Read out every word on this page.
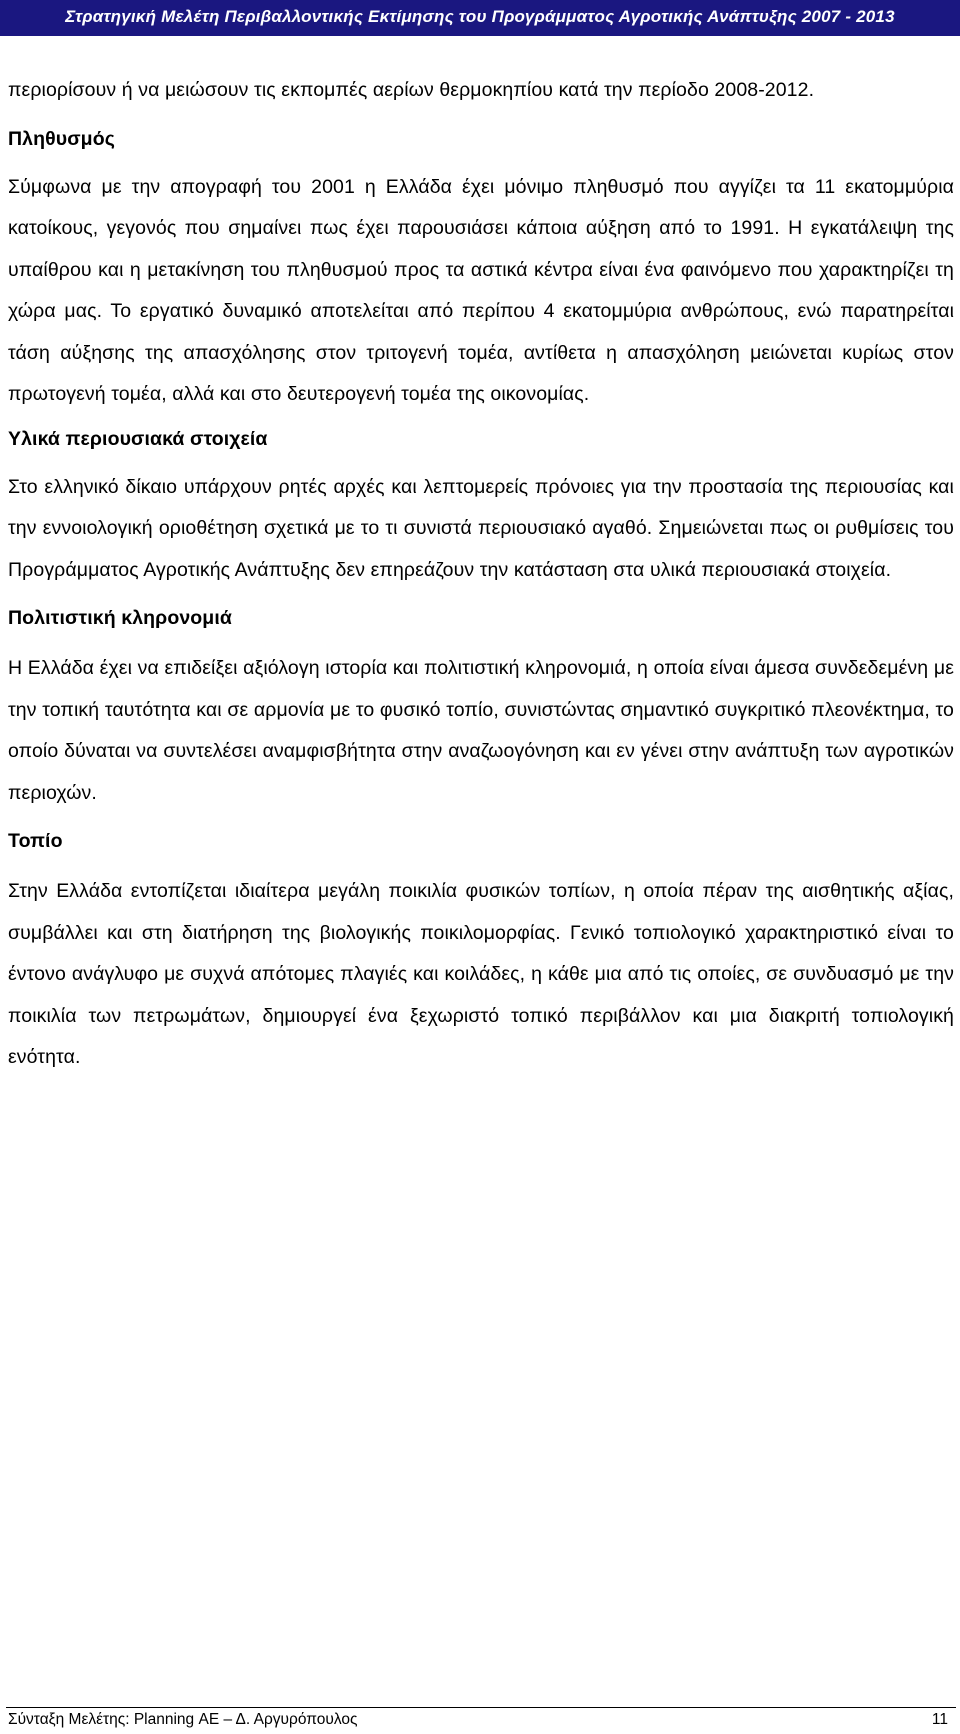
Στρατηγική Μελέτη Περιβαλλοντικής Εκτίμησης του Προγράμματος Αγροτικής Ανάπτυξης 2007 - 2013

περιορίσουν ή να μειώσουν τις εκπομπές αερίων θερμοκηπίου κατά την περίοδο 2008-2012.

Πληθυσμός

Σύμφωνα με την απογραφή του 2001 η Ελλάδα έχει μόνιμο πληθυσμό που αγγίζει τα 11 εκατομμύρια κατοίκους, γεγονός που σημαίνει πως έχει παρουσιάσει κάποια αύξηση από το 1991. Η εγκατάλειψη της υπαίθρου και η μετακίνηση του πληθυσμού προς τα αστικά κέντρα είναι ένα φαινόμενο που χαρακτηρίζει τη χώρα μας. Το εργατικό δυναμικό αποτελείται από περίπου 4 εκατομμύρια ανθρώπους, ενώ παρατηρείται τάση αύξησης της απασχόλησης στον τριτογενή τομέα, αντίθετα η απασχόληση μειώνεται κυρίως στον πρωτογενή τομέα, αλλά και στο δευτερογενή τομέα της οικονομίας.

Υλικά περιουσιακά στοιχεία

Στο ελληνικό δίκαιο υπάρχουν ρητές αρχές και λεπτομερείς πρόνοιες για την προστασία της περιουσίας και την εννοιολογική οριοθέτηση σχετικά με το τι συνιστά περιουσιακό αγαθό. Σημειώνεται πως οι ρυθμίσεις του Προγράμματος Αγροτικής Ανάπτυξης δεν επηρεάζουν την κατάσταση στα υλικά περιουσιακά στοιχεία.

Πολιτιστική κληρονομιά

Η Ελλάδα έχει να επιδείξει αξιόλογη ιστορία και πολιτιστική κληρονομιά, η οποία είναι άμεσα συνδεδεμένη με την τοπική ταυτότητα και σε αρμονία με το φυσικό τοπίο, συνιστώντας σημαντικό συγκριτικό πλεονέκτημα, το οποίο δύναται να συντελέσει αναμφισβήτητα στην αναζωογόνηση και εν γένει στην ανάπτυξη των αγροτικών περιοχών.

Τοπίο

Στην Ελλάδα εντοπίζεται ιδιαίτερα μεγάλη ποικιλία φυσικών τοπίων, η οποία πέραν της αισθητικής αξίας, συμβάλλει και στη διατήρηση της βιολογικής ποικιλομορφίας. Γενικό τοπιολογικό χαρακτηριστικό είναι το έντονο ανάγλυφο με συχνά απότομες πλαγιές και κοιλάδες, η κάθε μια από τις οποίες, σε συνδυασμό με την ποικιλία των πετρωμάτων, δημιουργεί ένα ξεχωριστό τοπικό περιβάλλον και μια διακριτή τοπιολογική ενότητα.

Σύνταξη Μελέτης: Planning ΑΕ – Δ. Αργυρόπουλος	11
